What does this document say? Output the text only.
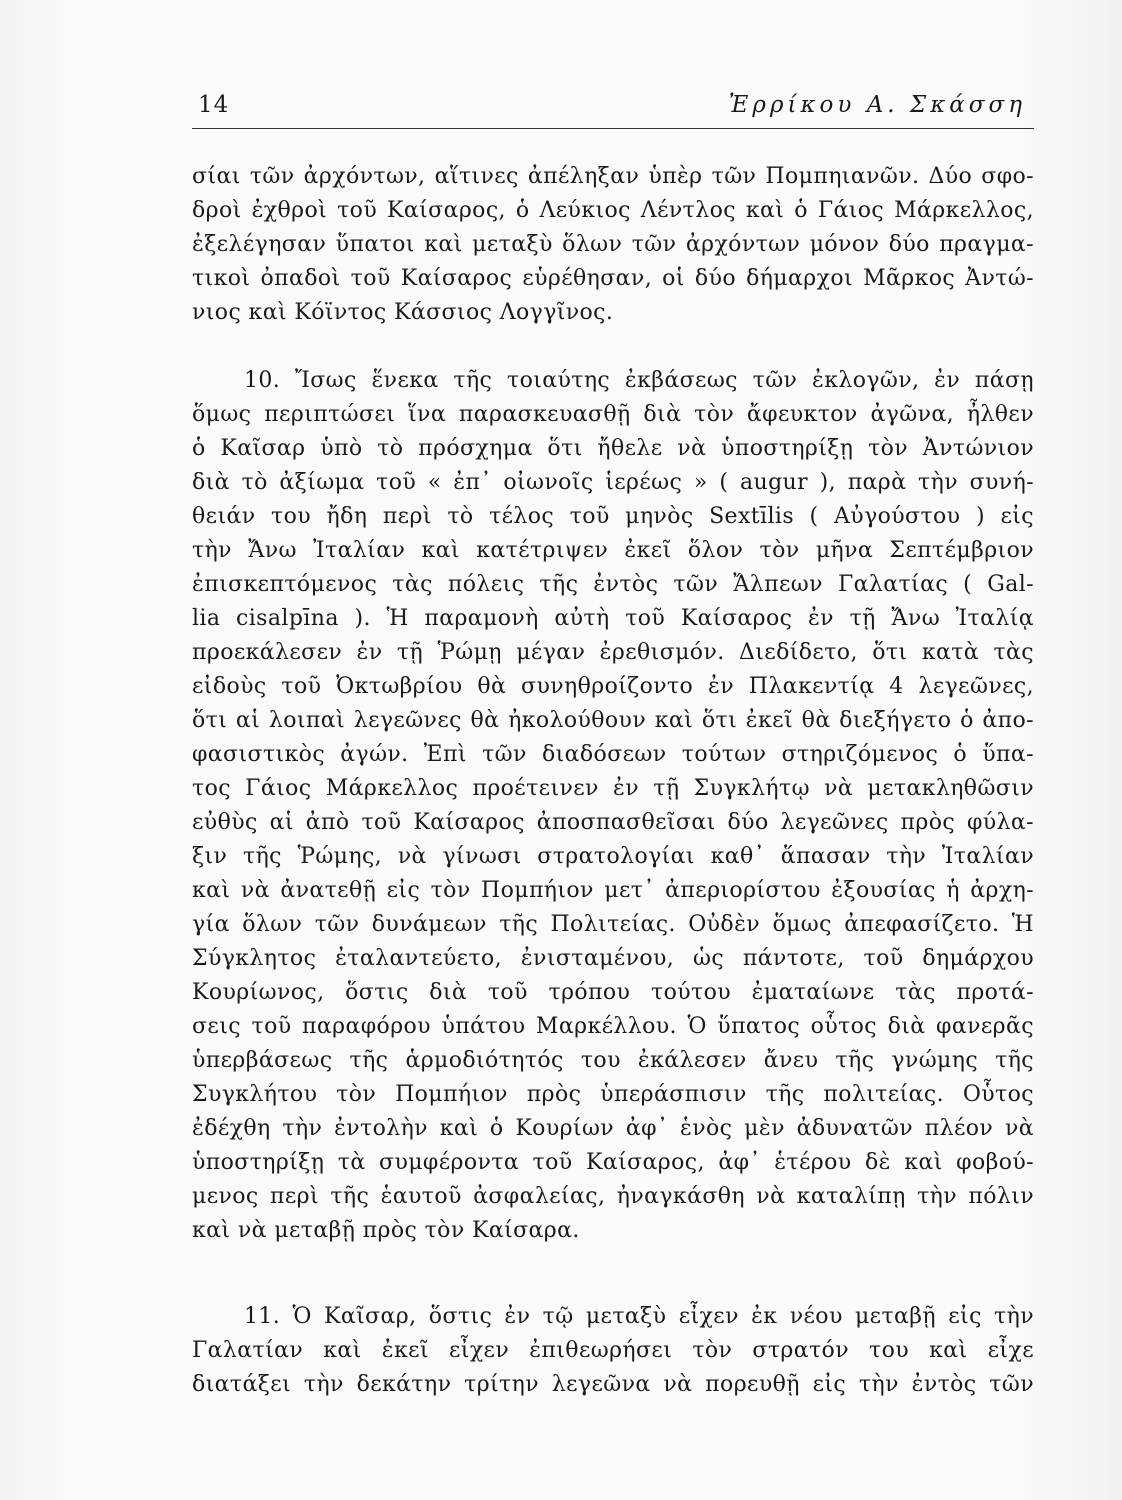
14	Ἐρρίκου Α. Σκάσση
σίαι τῶν ἀρχόντων, αἵτινες ἀπέληξαν ὑπὲρ τῶν Πομπηιανῶν. Δύο σφο-
δροὶ ἐχθροὶ τοῦ Καίσαρος, ὁ Λεύκιος Λέντλος καὶ ὁ Γάιος Μάρκελλος,
ἐξελέγησαν ὕπατοι καὶ μεταξὺ ὅλων τῶν ἀρχόντων μόνον δύο πραγμα-
τικοὶ ὀπαδοὶ τοῦ Καίσαρος εὑρέθησαν, οἱ δύο δήμαρχοι Μᾶρκος Ἀντώ-
νιος καὶ Κόϊντος Κάσσιος Λογγῖνος.
10. Ἴσως ἕνεκα τῆς τοιαύτης ἐκβάσεως τῶν ἐκλογῶν, ἐν πάσῃ
ὅμως περιπτώσει ἵνα παρασκευασθῇ διὰ τὸν ἄφευκτον ἀγῶνα, ἦλθεν
ὁ Καῖσαρ ὑπὸ τὸ πρόσχημα ὅτι ἤθελε νὰ ὑποστηρίξῃ τὸν Ἀντώνιον
διὰ τὸ ἀξίωμα τοῦ « ἐπ᾽ οἰωνοῖς ἱερέως » ( augur ), παρὰ τὴν συνή-
θειάν του ἤδη περὶ τὸ τέλος τοῦ μηνὸς Sextīlis ( Αὐγούστου ) εἰς
τὴν Ἄνω Ἰταλίαν καὶ κατέτριψεν ἐκεῖ ὅλον τὸν μῆνα Σεπτέμβριον
ἐπισκεπτόμενος τὰς πόλεις τῆς ἐντὸς τῶν Ἄλπεων Γαλατίας ( Gal-
lia cisalpīna ). Ἡ παραμονὴ αὐτὴ τοῦ Καίσαρος ἐν τῇ Ἄνω Ἰταλίᾳ
προεκάλεσεν ἐν τῇ Ῥώμῃ μέγαν ἐρεθισμόν. Διεδίδετο, ὅτι κατὰ τὰς
εἰδοὺς τοῦ Ὀκτωβρίου θὰ συνηθροίζοντο ἐν Πλακεντίᾳ 4 λεγεῶνες,
ὅτι αἱ λοιπαὶ λεγεῶνες θὰ ἠκολούθουν καὶ ὅτι ἐκεῖ θὰ διεξήγετο ὁ ἀπο-
φασιστικὸς ἀγών. Ἐπὶ τῶν διαδόσεων τούτων στηριζόμενος ὁ ὕπα-
τος Γάιος Μάρκελλος προέτεινεν ἐν τῇ Συγκλήτῳ νὰ μετακληθῶσιν
εὐθὺς αἱ ἀπὸ τοῦ Καίσαρος ἀποσπασθεῖσαι δύο λεγεῶνες πρὸς φύλα-
ξιν τῆς Ῥώμης, νὰ γίνωσι στρατολογίαι καθ᾽ ἅπασαν τὴν Ἰταλίαν
καὶ νὰ ἀνατεθῇ εἰς τὸν Πομπήιον μετ᾽ ἀπεριορίστου ἐξουσίας ἡ ἀρχη-
γία ὅλων τῶν δυνάμεων τῆς Πολιτείας. Οὐδὲν ὅμως ἀπεφασίζετο. Ἡ
Σύγκλητος ἐταλαντεύετο, ἐνισταμένου, ὡς πάντοτε, τοῦ δημάρχου
Κουρίωνος, ὅστις διὰ τοῦ τρόπου τούτου ἐματαίωνε τὰς προτά-
σεις τοῦ παραφόρου ὑπάτου Μαρκέλλου. Ὁ ὕπατος οὗτος διὰ φανερᾶς
ὑπερβάσεως τῆς ἁρμοδιότητός του ἐκάλεσεν ἄνευ τῆς γνώμης τῆς
Συγκλήτου τὸν Πομπήιον πρὸς ὑπεράσπισιν τῆς πολιτείας. Οὗτος
ἐδέχθη τὴν ἐντολὴν καὶ ὁ Κουρίων ἀφ᾽ ἑνὸς μὲν ἀδυνατῶν πλέον νὰ
ὑποστηρίξῃ τὰ συμφέροντα τοῦ Καίσαρος, ἀφ᾽ ἑτέρου δὲ καὶ φοβού-
μενος περὶ τῆς ἑαυτοῦ ἀσφαλείας, ἠναγκάσθη νὰ καταλίπῃ τὴν πόλιν
καὶ νὰ μεταβῇ πρὸς τὸν Καίσαρα.
11. Ὁ Καῖσαρ, ὅστις ἐν τῷ μεταξὺ εἶχεν ἐκ νέου μεταβῇ εἰς τὴν
Γαλατίαν καὶ ἐκεῖ εἶχεν ἐπιθεωρήσει τὸν στρατόν του καὶ εἶχε
διατάξει τὴν δεκάτην τρίτην λεγεῶνα νὰ πορευθῇ εἰς τὴν ἐντὸς τῶν
